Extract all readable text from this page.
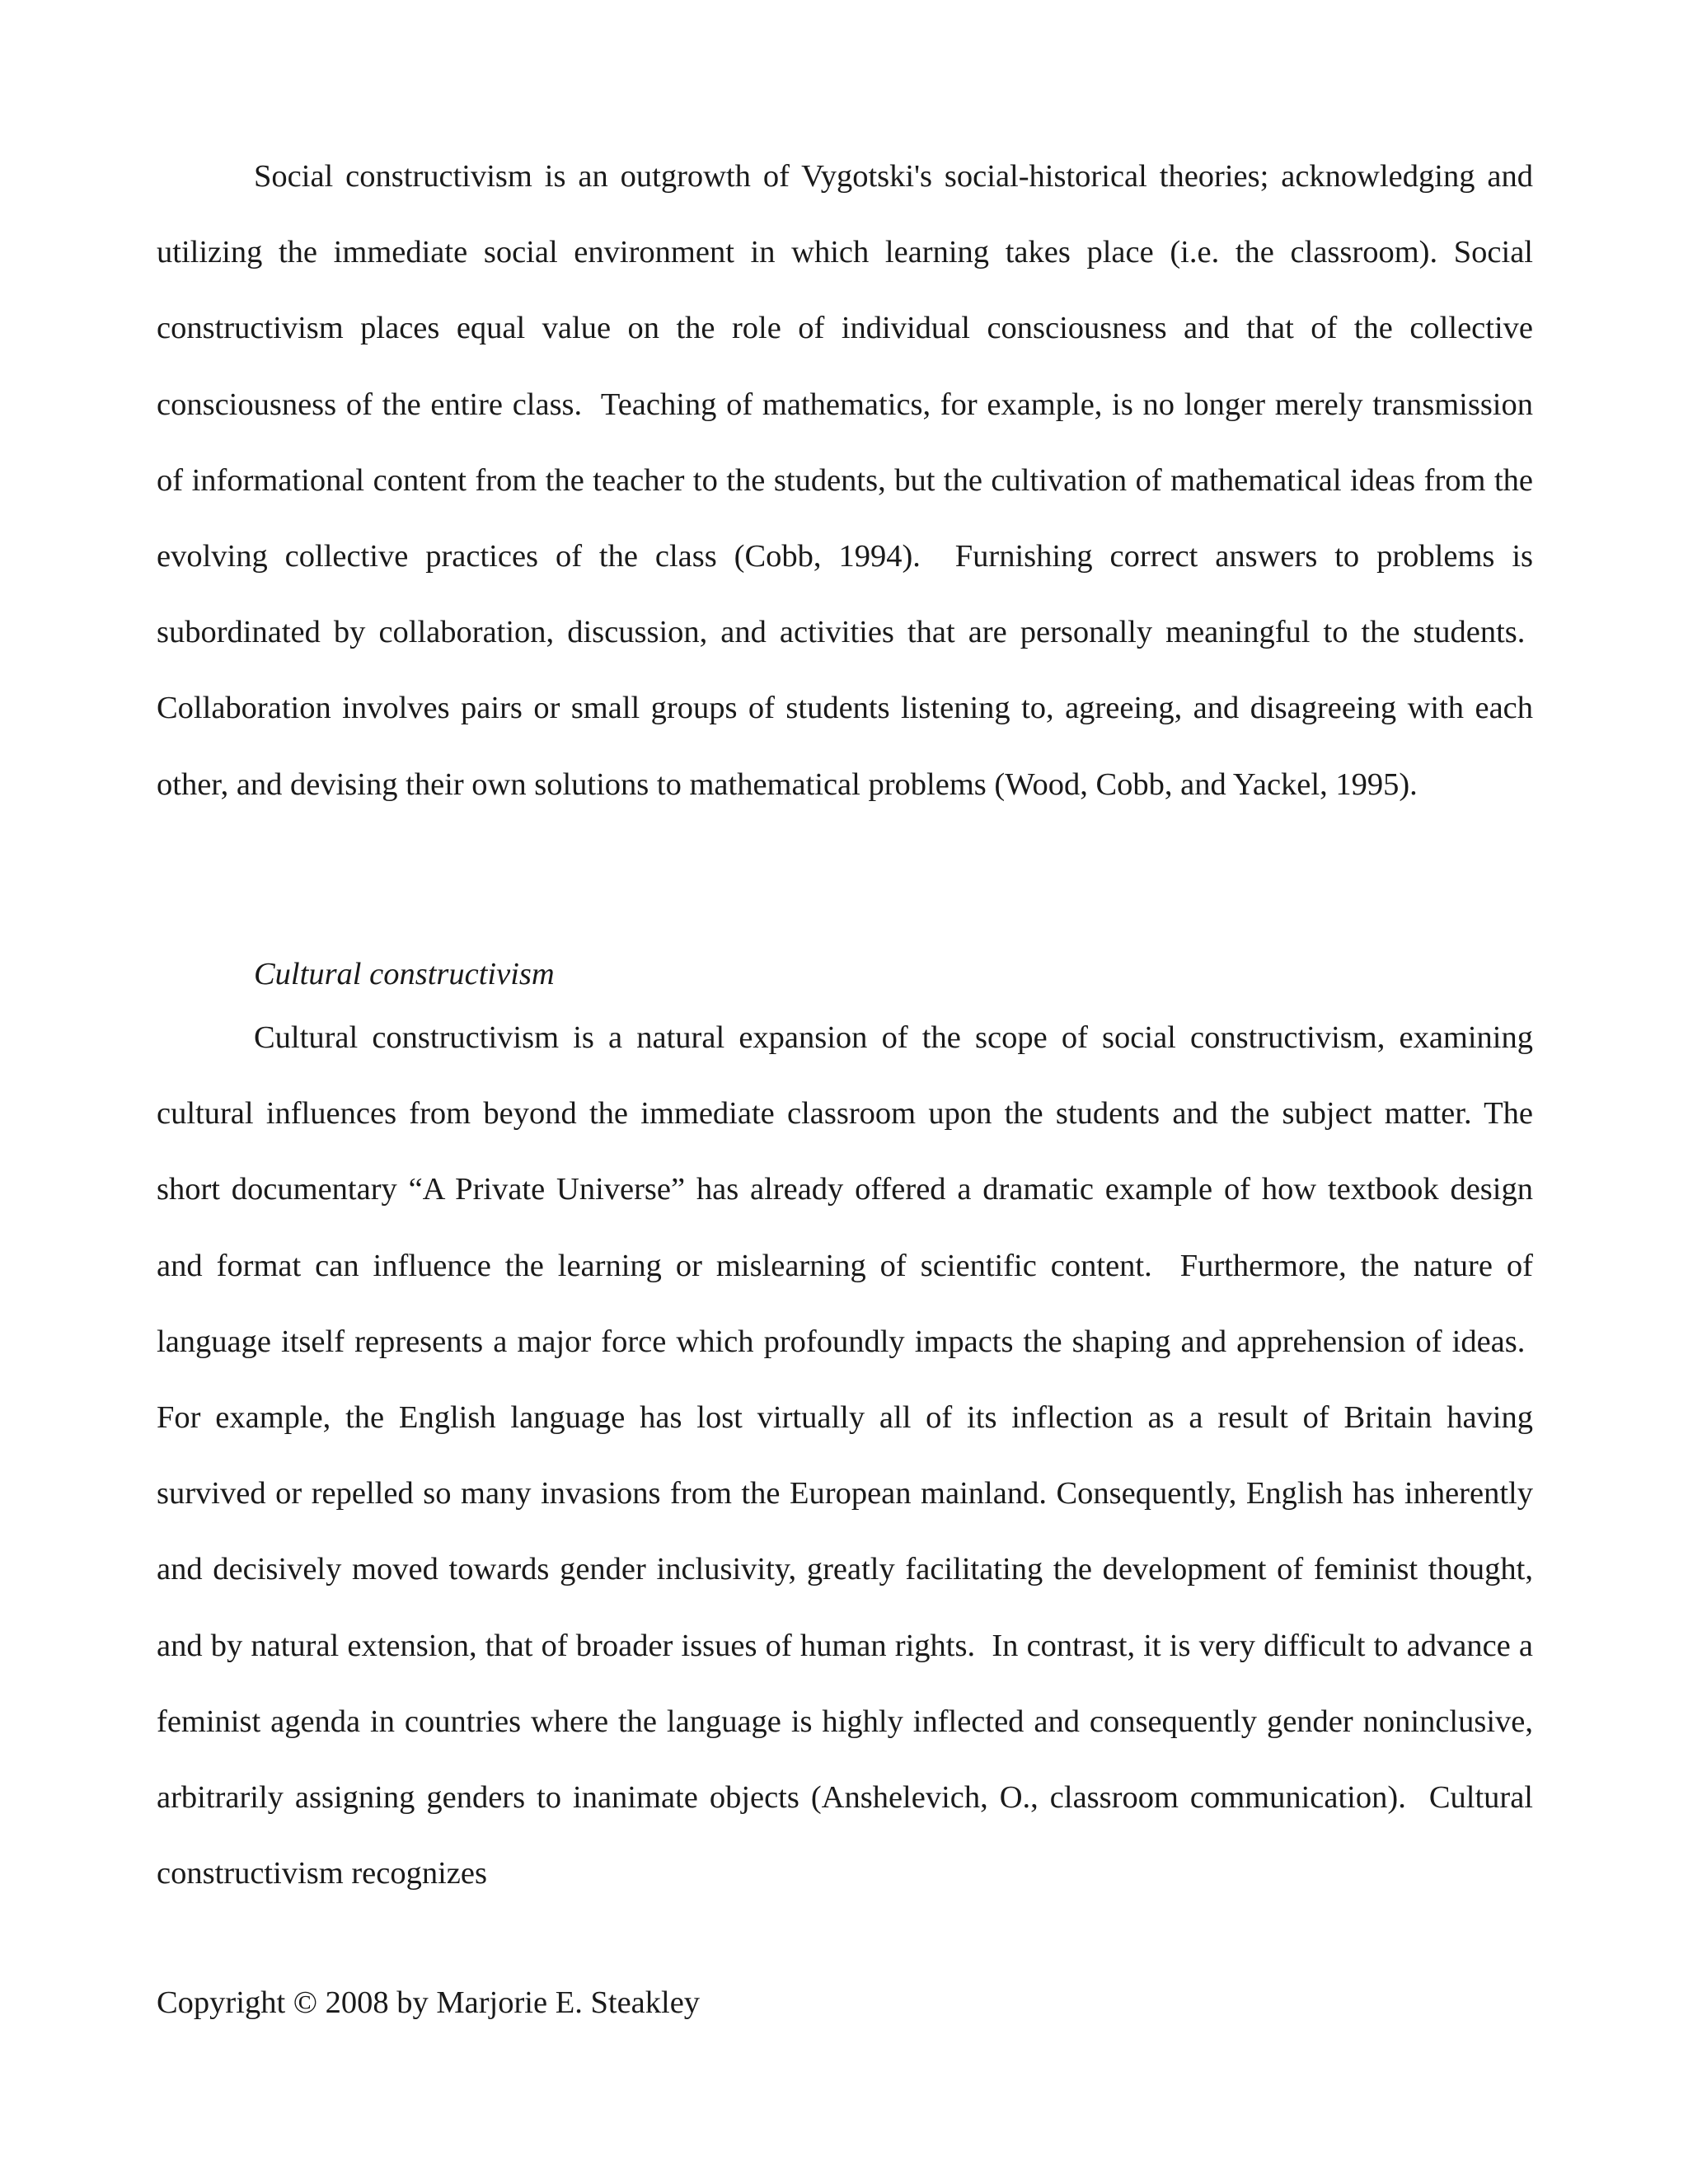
Social constructivism is an outgrowth of Vygotski's social-historical theories; acknowledging and utilizing the immediate social environment in which learning takes place (i.e. the classroom). Social constructivism places equal value on the role of individual consciousness and that of the collective consciousness of the entire class.  Teaching of mathematics, for example, is no longer merely transmission of informational content from the teacher to the students, but the cultivation of mathematical ideas from the evolving collective practices of the class (Cobb, 1994).  Furnishing correct answers to problems is subordinated by collaboration, discussion, and activities that are personally meaningful to the students.  Collaboration involves pairs or small groups of students listening to, agreeing, and disagreeing with each other, and devising their own solutions to mathematical problems (Wood, Cobb, and Yackel, 1995).

Cultural constructivism

Cultural constructivism is a natural expansion of the scope of social constructivism, examining cultural influences from beyond the immediate classroom upon the students and the subject matter. The short documentary “A Private Universe” has already offered a dramatic example of how textbook design and format can influence the learning or mislearning of scientific content.  Furthermore, the nature of language itself represents a major force which profoundly impacts the shaping and apprehension of ideas.  For example, the English language has lost virtually all of its inflection as a result of Britain having survived or repelled so many invasions from the European mainland. Consequently, English has inherently and decisively moved towards gender inclusivity, greatly facilitating the development of feminist thought, and by natural extension, that of broader issues of human rights.  In contrast, it is very difficult to advance a feminist agenda in countries where the language is highly inflected and consequently gender noninclusive, arbitrarily assigning genders to inanimate objects (Anshelevich, O., classroom communication).  Cultural constructivism recognizes

Copyright © 2008 by Marjorie E. Steakley
